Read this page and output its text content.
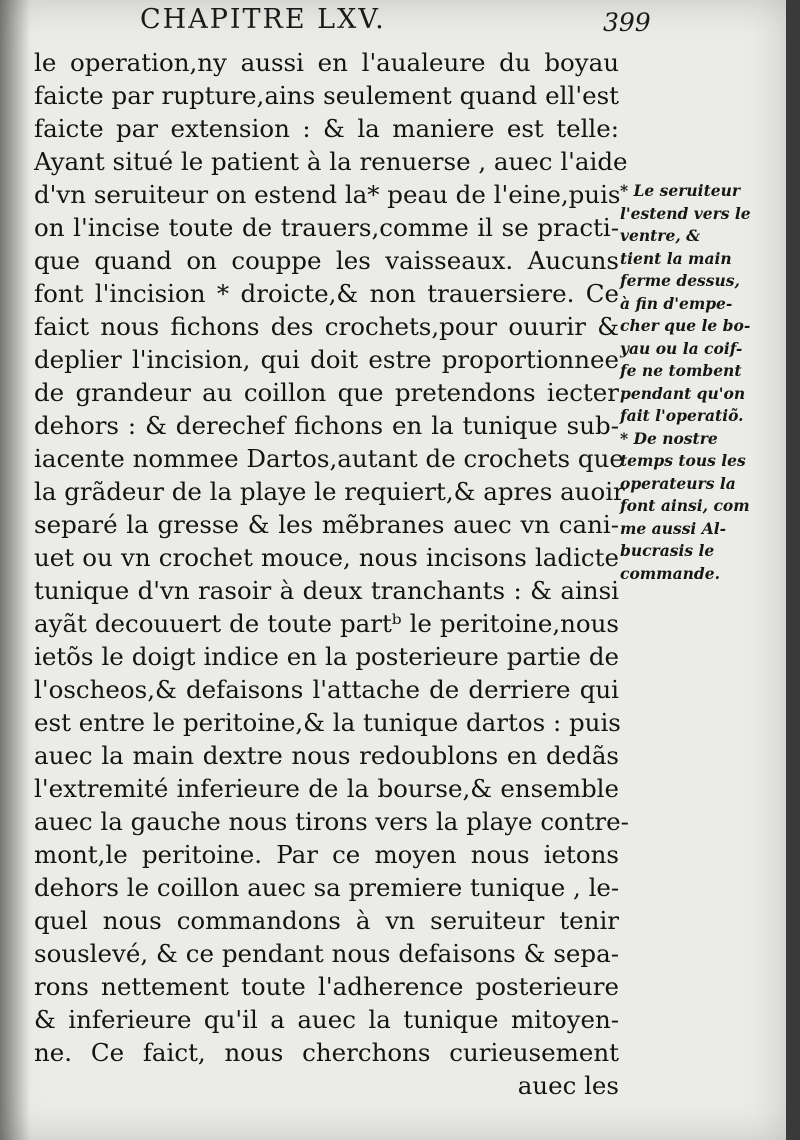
CHAPITRE LXV.	399
le operation,ny aussi en l'aualeure du boyau
faicte par rupture,ains seulement quand ell'est
faicte par extension : & la maniere est telle:
Ayant situé le patient à la renuerse , auec l'aide
d'vn seruiteur on estend la* peau de l'eine,puis
on l'incise toute de trauers,comme il se practi-
que quand on couppe les vaisseaux. Aucuns
font l'incision * droicte,& non trauersiere. Ce
faict nous fichons des crochets,pour ouurir &
deplier l'incision, qui doit estre proportionnee
de grandeur au coillon que pretendons iecter
dehors : & derechef fichons en la tunique sub-
iacente nommee Dartos,autant de crochets que
la grãdeur de la playe le requiert,& apres auoir
separé la gresse & les mẽbranes auec vn cani-
uet ou vn crochet mouce, nous incisons ladicte
tunique d'vn rasoir à deux tranchants : & ainsi
ayãt decouuert de toute partᵇ le peritoine,nous
ietõs le doigt indice en la posterieure partie de
l'oscheos,& defaisons l'attache de derriere qui
est entre le peritoine,& la tunique dartos : puis
auec la main dextre nous redoublons en dedãs
l'extremité inferieure de la bourse,& ensemble
auec la gauche nous tirons vers la playe contre-
mont,le peritoine. Par ce moyen nous ietons
dehors le coillon auec sa premiere tunique , le-
quel nous commandons à vn seruiteur tenir
souslevé, & ce pendant nous defaisons & sepa-
rons nettement toute l'adherence posterieure
& inferieure qu'il a auec la tunique mitoyen-
ne. Ce faict, nous cherchons curieusement
auec les
* Le seruiteur
l'estend vers le
ventre, &
tient la main
ferme dessus,
à fin d'empe-
cher que le bo-
yau ou la coif-
fe ne tombent
pendant qu'on
fait l'operatiõ.
* De nostre
temps tous les
operateurs la
font ainsi, com
me aussi Al-
bucrasis le
commande.
